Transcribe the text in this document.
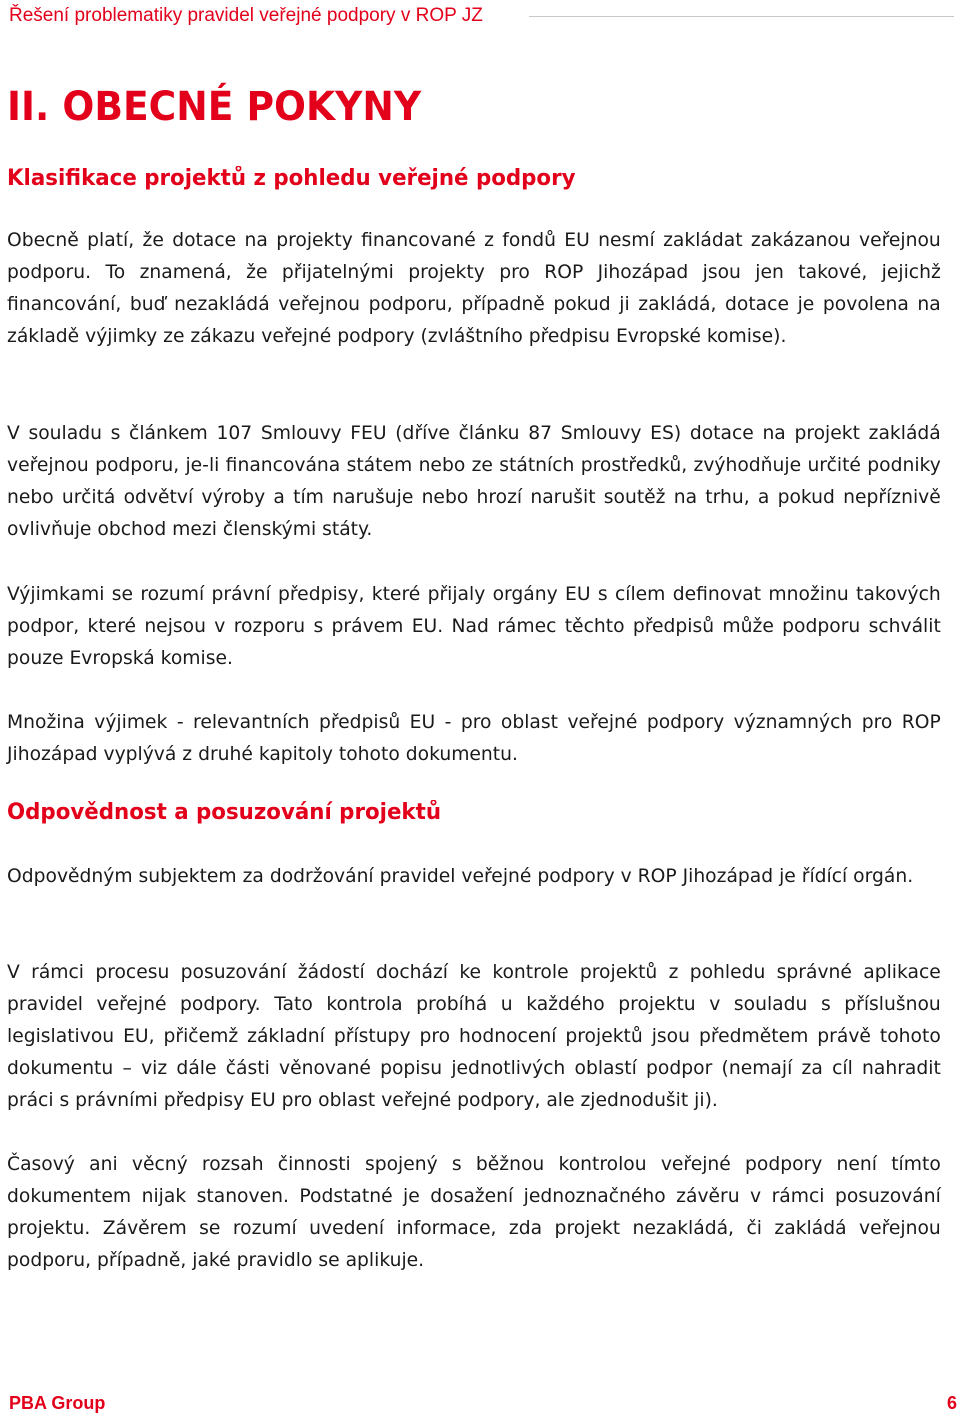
Řešení problematiky pravidel veřejné podpory v ROP JZ
II. OBECNÉ POKYNY
Klasifikace projektů z pohledu veřejné podpory

Obecně platí, že dotace na projekty financované z fondů EU nesmí zakládat zakázanou veřejnou podporu. To znamená, že přijatelnými projekty pro ROP Jihozápad jsou jen takové, jejichž financování, buď nezakládá veřejnou podporu, případně pokud ji zakládá, dotace je povolena na základě výjimky ze zákazu veřejné podpory (zvláštního předpisu Evropské komise).

V souladu s článkem 107 Smlouvy FEU (dříve článku 87 Smlouvy ES) dotace na projekt zakládá veřejnou podporu, je-li financována státem nebo ze státních prostředků, zvýhodňuje určité podniky nebo určitá odvětví výroby a tím narušuje nebo hrozí narušit soutěž na trhu, a pokud nepříznivě ovlivňuje obchod mezi členskými státy.

Výjimkami se rozumí právní předpisy, které přijaly orgány EU s cílem definovat množinu takových podpor, které nejsou v rozporu s právem EU. Nad rámec těchto předpisů může podporu schválit pouze Evropská komise.

Množina výjimek - relevantních předpisů EU - pro oblast veřejné podpory významných pro ROP Jihozápad vyplývá z druhé kapitoly tohoto dokumentu.

Odpovědnost a posuzování projektů

Odpovědným subjektem za dodržování pravidel veřejné podpory v ROP Jihozápad je řídící orgán.

V rámci procesu posuzování žádostí dochází ke kontrole projektů z pohledu správné aplikace pravidel veřejné podpory. Tato kontrola probíhá u každého projektu v souladu s příslušnou legislativou EU, přičemž základní přístupy pro hodnocení projektů jsou předmětem právě tohoto dokumentu – viz dále části věnované popisu jednotlivých oblastí podpor (nemají za cíl nahradit práci s právními předpisy EU pro oblast veřejné podpory, ale zjednodušit ji).

Časový ani věcný rozsah činnosti spojený s běžnou kontrolou veřejné podpory není tímto dokumentem nijak stanoven. Podstatné je dosažení jednoznačného závěru v rámci posuzování projektu. Závěrem se rozumí uvedení informace, zda projekt nezakládá, či zakládá veřejnou podporu, případně, jaké pravidlo se aplikuje.

PBA Group	6
